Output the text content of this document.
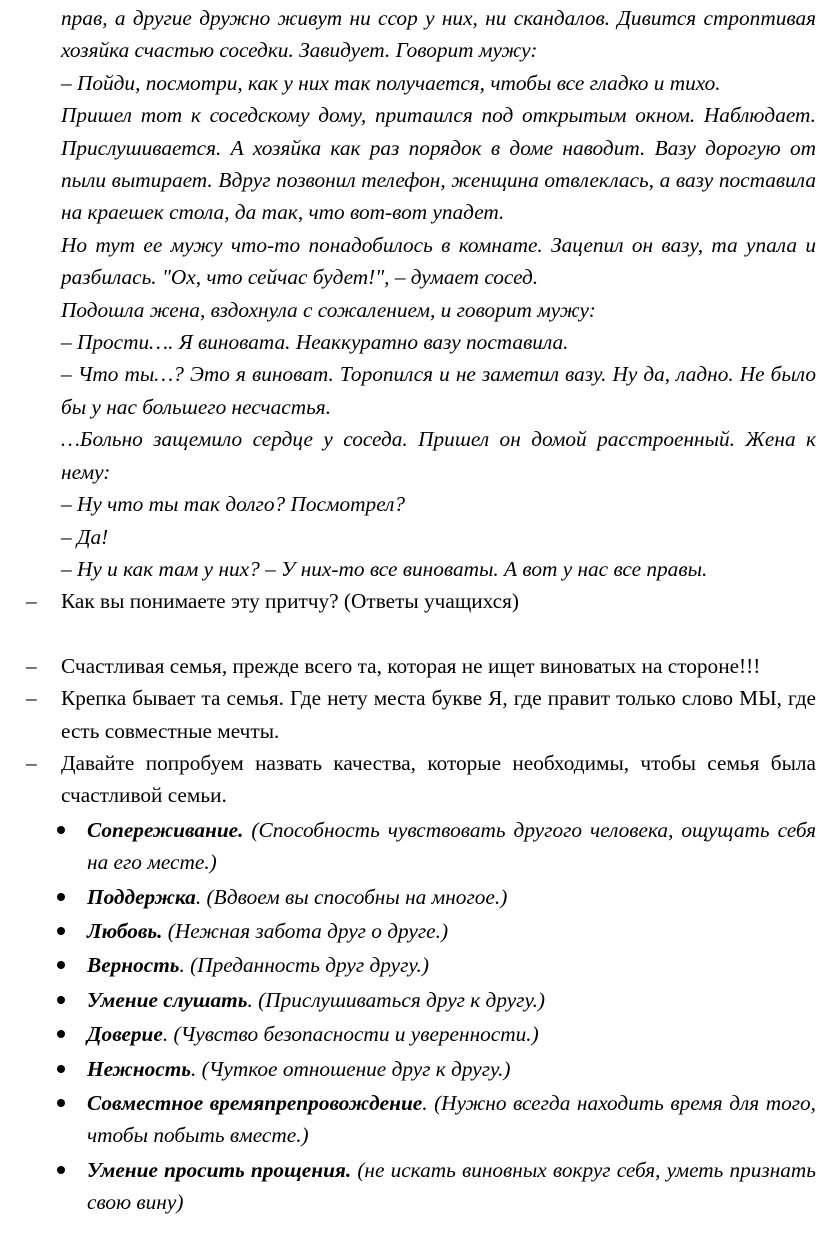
прав, а другие дружно живут ни ссор у них, ни скандалов. Дивится строптивая хозяйка счастью соседки. Завидует. Говорит мужу:

– Пойди, посмотри, как у них так получается, чтобы все гладко и тихо.

Пришел тот к соседскому дому, притаился под открытым окном. Наблюдает. Прислушивается. А хозяйка как раз порядок в доме наводит. Вазу дорогую от пыли вытирает. Вдруг позвонил телефон, женщина отвлеклась, а вазу поставила на краешек стола, да так, что вот-вот упадет.

Но тут ее мужу что-то понадобилось в комнате. Зацепил он вазу, та упала и разбилась. "Ох, что сейчас будет!", – думает сосед.

Подошла жена, вздохнула с сожалением, и говорит мужу:

– Прости…. Я виновата. Неаккуратно вазу поставила.

– Что ты…? Это я виноват. Торопился и не заметил вазу. Ну да, ладно. Не было бы у нас большего несчастья.

…Больно защемило сердце у соседа. Пришел он домой расстроенный. Жена к нему:

– Ну что ты так долго? Посмотрел?

– Да!

– Ну и как там у них? – У них-то все виноваты. А вот у нас все правы.

– Как вы понимаете эту притчу? (Ответы учащихся)

– Счастливая семья, прежде всего та, которая не ищет виноватых на стороне!!!

– Крепка бывает та семья. Где нету места букве Я, где правит только слово МЫ, где есть совместные мечты.

– Давайте попробуем назвать качества, которые необходимы, чтобы семья была счастливой семьи.

Сопереживание. (Способность чувствовать другого человека, ощущать себя на его месте.)

Поддержка. (Вдвоем вы способны на многое.)

Любовь. (Нежная забота друг о друге.)

Верность. (Преданность друг другу.)

Умение слушать. (Прислушиваться друг к другу.)

Доверие. (Чувство безопасности и уверенности.)

Нежность. (Чуткое отношение друг к другу.)

Совместное времяпрепровождение. (Нужно всегда находить время для того, чтобы побыть вместе.)

Умение просить прощения. (не искать виновных вокруг себя, уметь признать свою вину)
